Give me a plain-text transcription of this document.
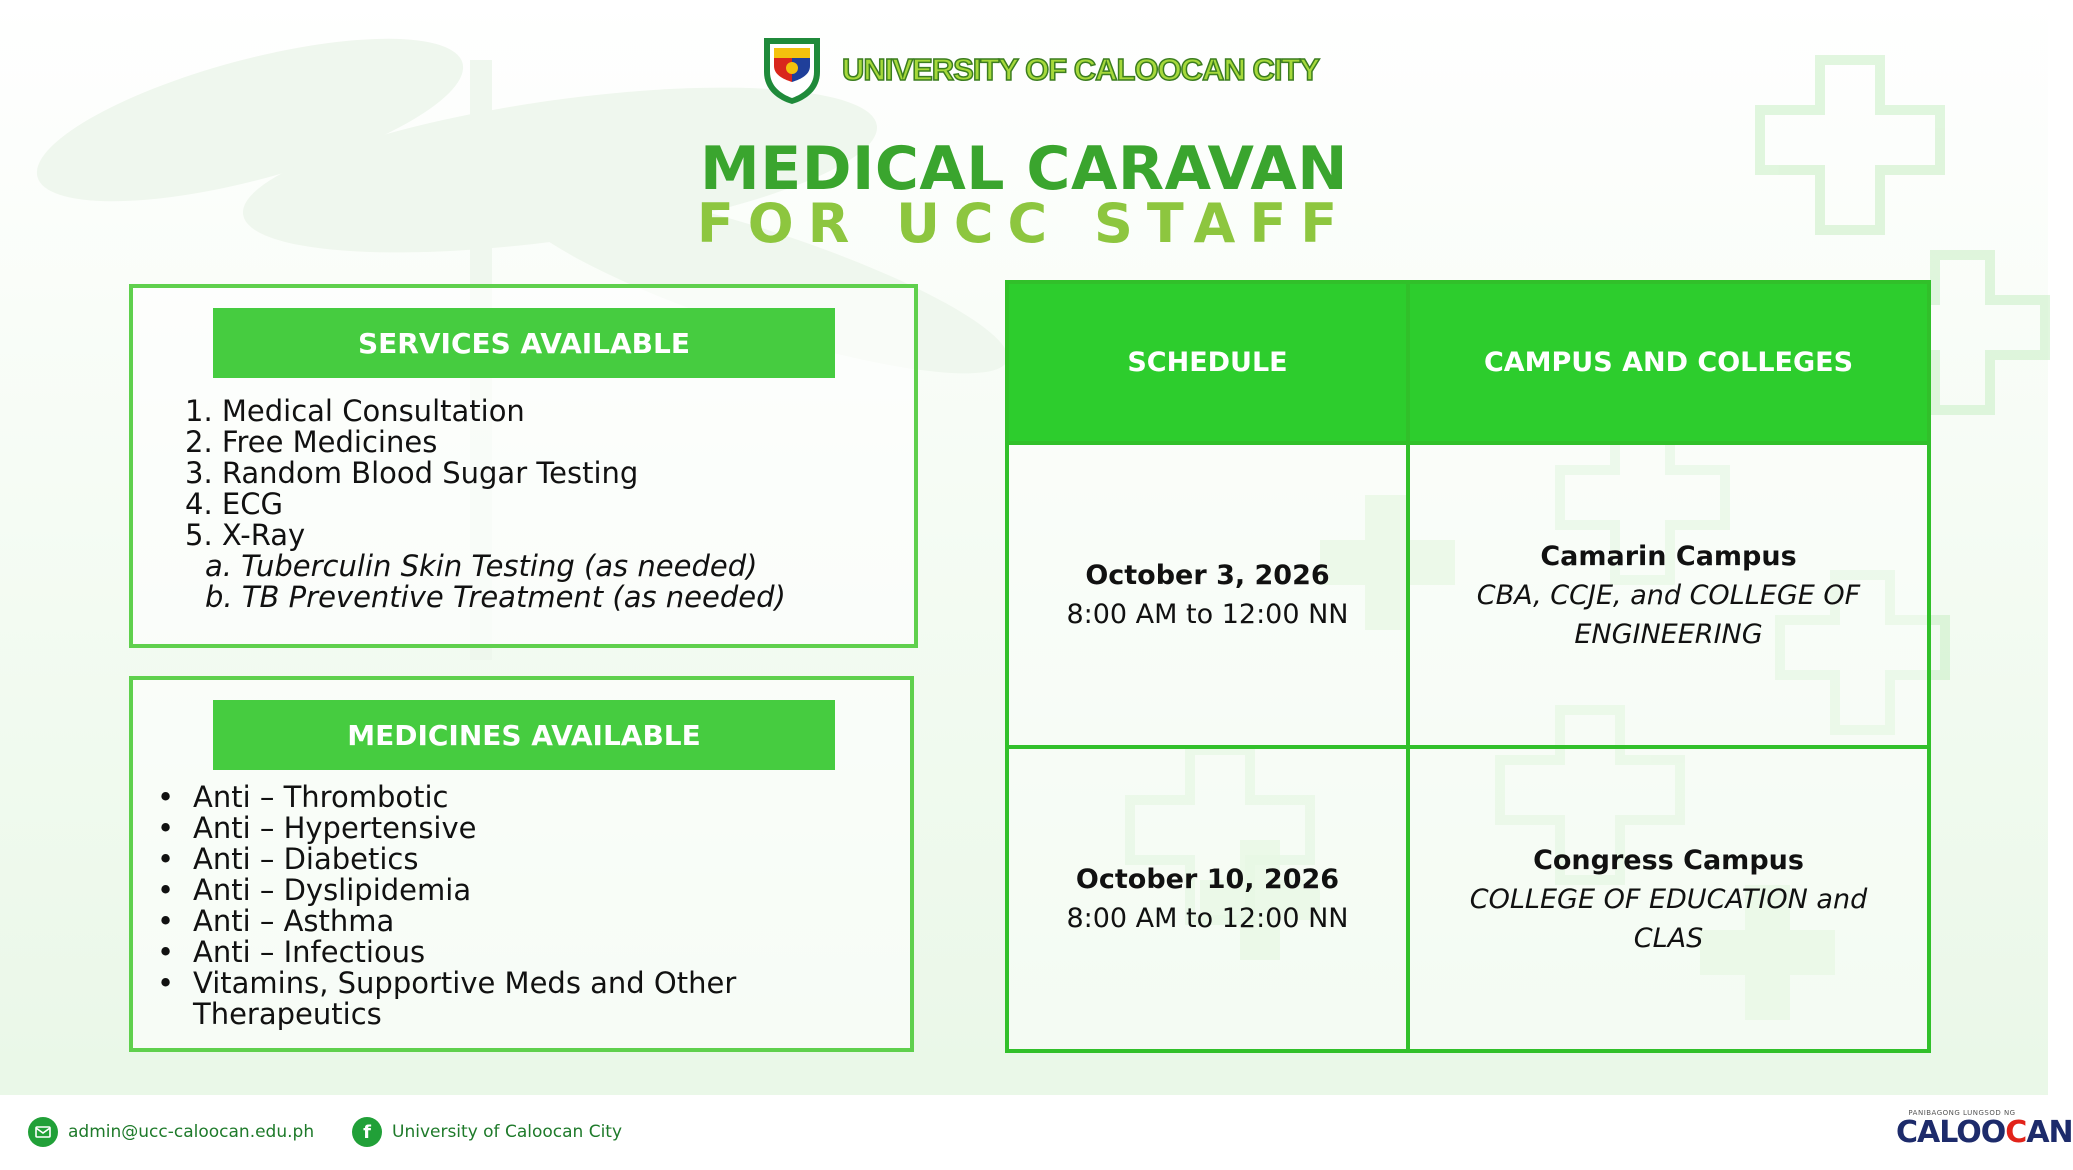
UNIVERSITY OF CALOOCAN CITY
MEDICAL CARAVAN
FOR UCC STAFF
SERVICES AVAILABLE
1. Medical Consultation
2. Free Medicines
3. Random Blood Sugar Testing
4. ECG
5. X-Ray
a. Tuberculin Skin Testing (as needed)
b. TB Preventive Treatment (as needed)
MEDICINES AVAILABLE
• Anti – Thrombotic
• Anti – Hypertensive
• Anti – Diabetics
• Anti – Dyslipidemia
• Anti – Asthma
• Anti – Infectious
• Vitamins, Supportive Meds and Other Therapeutics
SCHEDULE	CAMPUS AND COLLEGES

October 3, 2026
8:00 AM to 12:00 NN	Camarin Campus
CBA, CCJE, and COLLEGE OF ENGINEERING

October 10, 2026
8:00 AM to 12:00 NN	Congress Campus
COLLEGE OF EDUCATION and CLAS
admin@ucc-caloocan.edu.ph	f	University of Caloocan City
PANIBAGONG LUNGSOD NG
CALOOCAN
